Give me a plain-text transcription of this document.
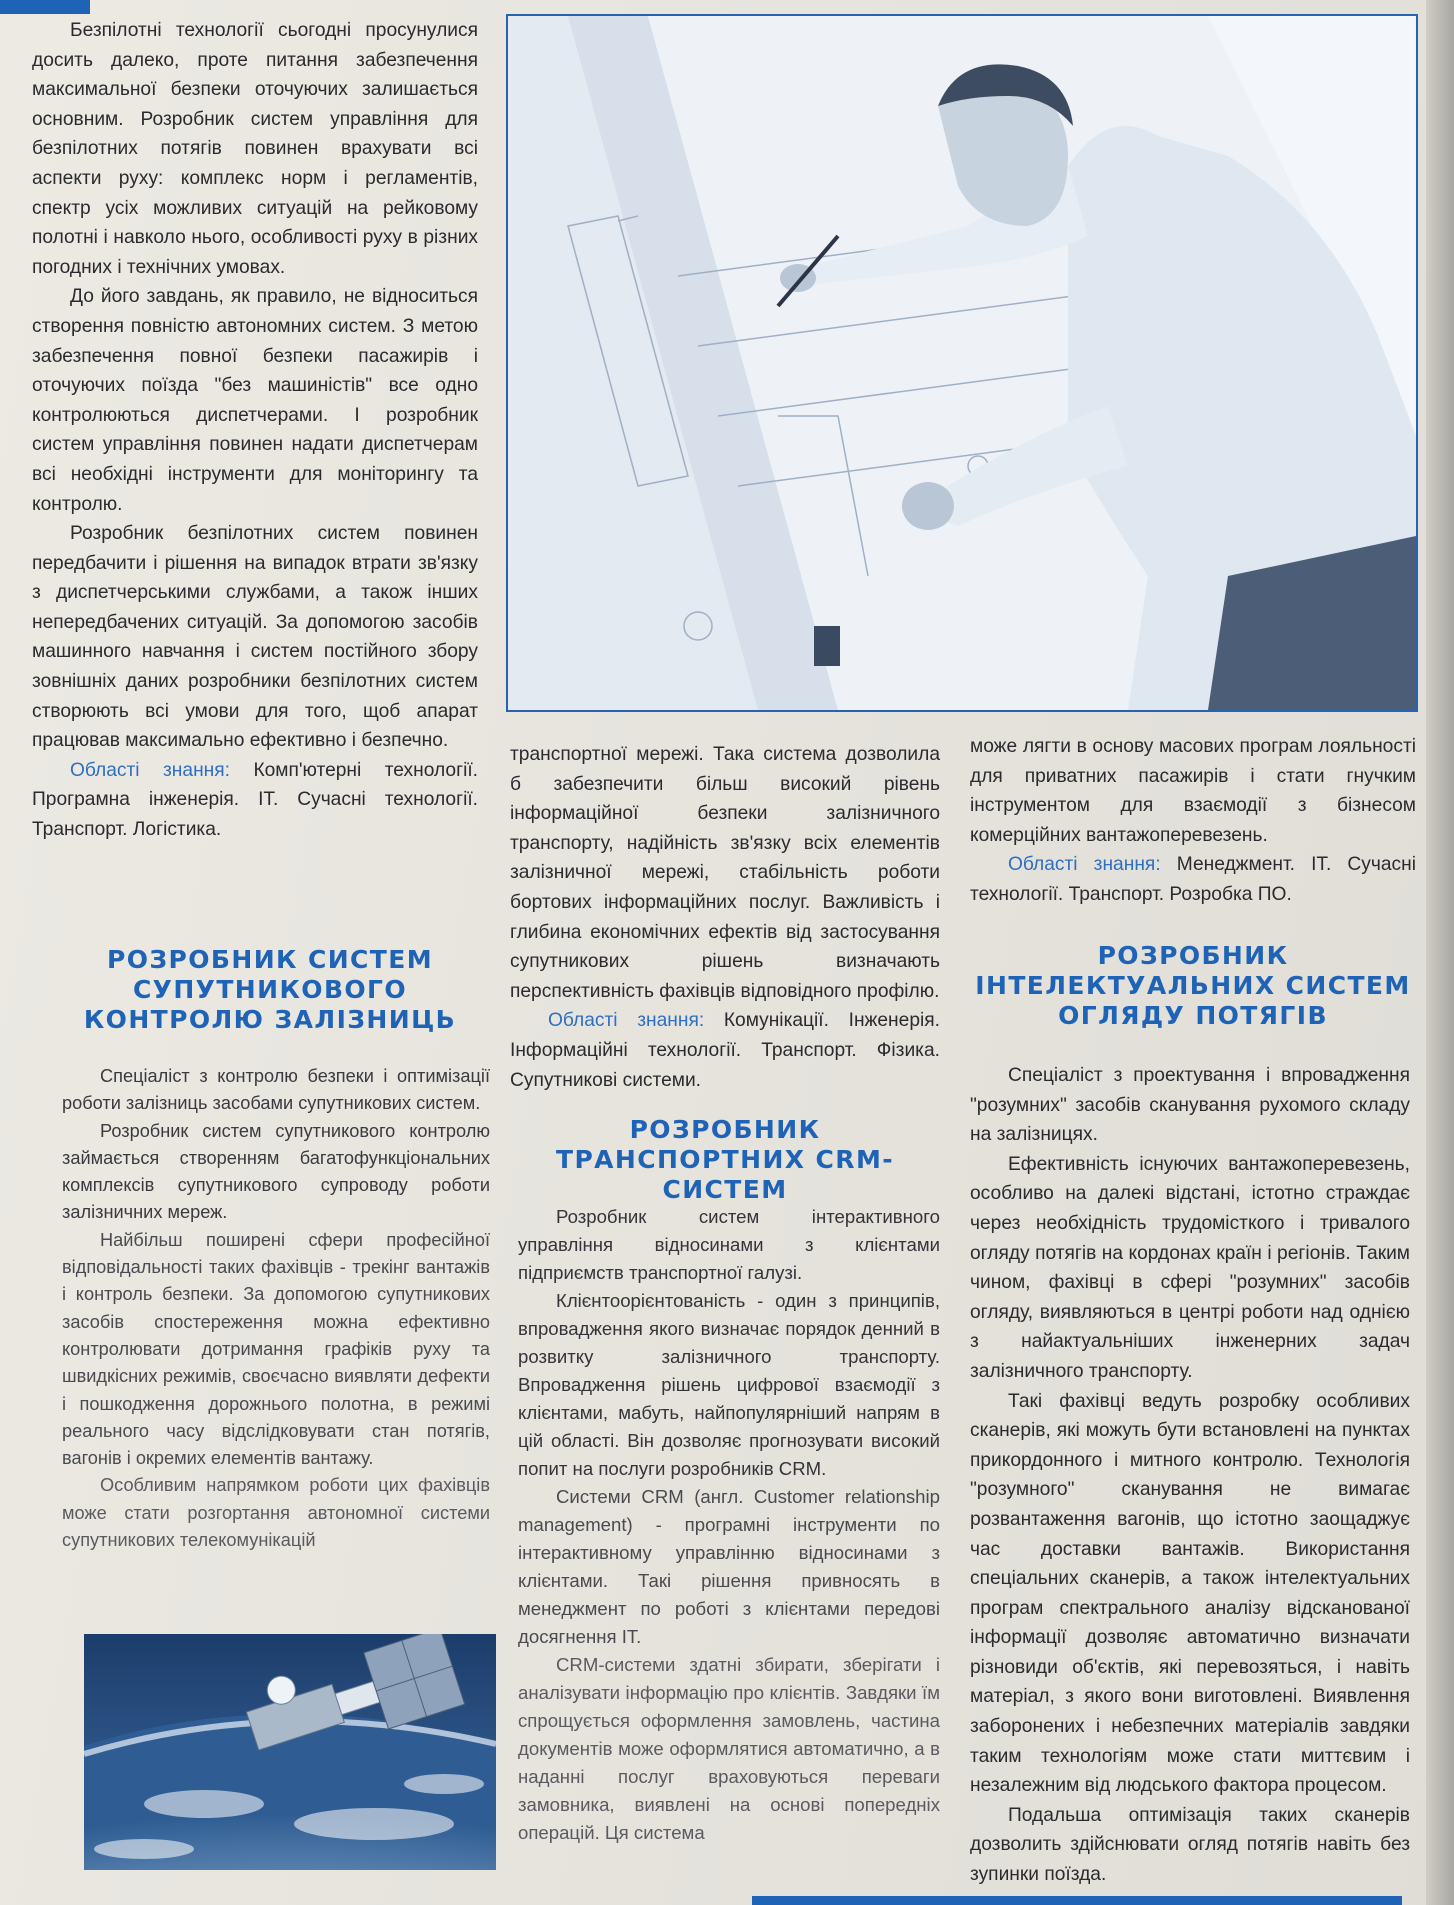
Безпілотні технології сьогодні просунулися досить далеко, проте питання забезпечення максимальної безпеки оточуючих залишається основним. Розробник систем управління для безпілотних потягів повинен врахувати всі аспекти руху: комплекс норм і регламентів, спектр усіх можливих ситуацій на рейковому полотні і навколо нього, особливості руху в різних погодних і технічних умовах.

До його завдань, як правило, не відноситься створення повністю автономних систем. З метою забезпечення повної безпеки пасажирів і оточуючих поїзда "без машиністів" все одно контролюються диспетчерами. І розробник систем управління повинен надати диспетчерам всі необхідні інструменти для моніторингу та контролю.

Розробник безпілотних систем повинен передбачити і рішення на випадок втрати зв'язку з диспетчерськими службами, а також інших непередбачених ситуацій. За допомогою засобів машинного навчання і систем постійного збору зовнішніх даних розробники безпілотних систем створюють всі умови для того, щоб апарат працював максимально ефективно і безпечно.

Області знання: Комп'ютерні технології. Програмна інженерія. ІТ. Сучасні технології. Транспорт. Логістика.

РОЗРОБНИК СИСТЕМ СУПУТНИКОВОГО КОНТРОЛЮ ЗАЛІЗНИЦЬ

Спеціаліст з контролю безпеки і оптимізації роботи залізниць засобами супутникових систем.

Розробник систем супутникового контролю займається створенням багатофункціональних комплексів супутникового супроводу роботи залізничних мереж.

Найбільш поширені сфери професійної відповідальності таких фахівців - трекінг вантажів і контроль безпеки. За допомогою супутникових засобів спостереження можна ефективно контролювати дотримання графіків руху та швидкісних режимів, своєчасно виявляти дефекти і пошкодження дорожнього полотна, в режимі реального часу відслідковувати стан потягів, вагонів і окремих елементів вантажу.

Особливим напрямком роботи цих фахівців може стати розгортання автономної системи супутникових телекомунікацій

транспортної мережі. Така система дозволила б забезпечити більш високий рівень інформаційної безпеки залізничного транспорту, надійність зв'язку всіх елементів залізничної мережі, стабільність роботи бортових інформаційних послуг. Важливість і глибина економічних ефектів від застосування супутникових рішень визначають перспективність фахівців відповідного профілю.

Області знання: Комунікації. Інженерія. Інформаційні технології. Транспорт. Фізика. Супутникові системи.

РОЗРОБНИК ТРАНСПОРТНИХ CRM-СИСТЕМ

Розробник систем інтерактивного управління відносинами з клієнтами підприємств транспортної галузі.

Клієнтоорієнтованість - один з принципів, впровадження якого визначає порядок денний в розвитку залізничного транспорту. Впровадження рішень цифрової взаємодії з клієнтами, мабуть, найпопулярніший напрям в цій області. Він дозволяє прогнозувати високий попит на послуги розробників CRM.

Системи CRM (англ. Customer relationship management) - програмні інструменти по інтерактивному управлінню відносинами з клієнтами. Такі рішення привносять в менеджмент по роботі з клієнтами передові досягнення ІТ.

CRM-системи здатні збирати, зберігати і аналізувати інформацію про клієнтів. Завдяки їм спрощується оформлення замовлень, частина документів може оформлятися автоматично, а в наданні послуг враховуються переваги замовника, виявлені на основі попередніх операцій. Ця система

може лягти в основу масових програм лояльності для приватних пасажирів і стати гнучким інструментом для взаємодії з бізнесом комерційних вантажоперевезень.

Області знання: Менеджмент. ІТ. Сучасні технології. Транспорт. Розробка ПО.

РОЗРОБНИК ІНТЕЛЕКТУАЛЬНИХ СИСТЕМ ОГЛЯДУ ПОТЯГІВ

Спеціаліст з проектування і впровадження "розумних" засобів сканування рухомого складу на залізницях.

Ефективність існуючих вантажоперевезень, особливо на далекі відстані, істотно страждає через необхідність трудомісткого і тривалого огляду потягів на кордонах країн і регіонів. Таким чином, фахівці в сфері "розумних" засобів огляду, виявляються в центрі роботи над однією з найактуальніших інженерних задач залізничного транспорту.

Такі фахівці ведуть розробку особливих сканерів, які можуть бути встановлені на пунктах прикордонного і митного контролю. Технологія "розумного" сканування не вимагає розвантаження вагонів, що істотно заощаджує час доставки вантажів. Використання спеціальних сканерів, а також інтелектуальних програм спектрального аналізу відсканованої інформації дозволяє автоматично визначати різновиди об'єктів, які перевозяться, і навіть матеріал, з якого вони виготовлені. Виявлення заборонених і небезпечних матеріалів завдяки таким технологіям може стати миттєвим і незалежним від людського фактора процесом.

Подальша оптимізація таких сканерів дозволить здійснювати огляд потягів навіть без зупинки поїзда.
